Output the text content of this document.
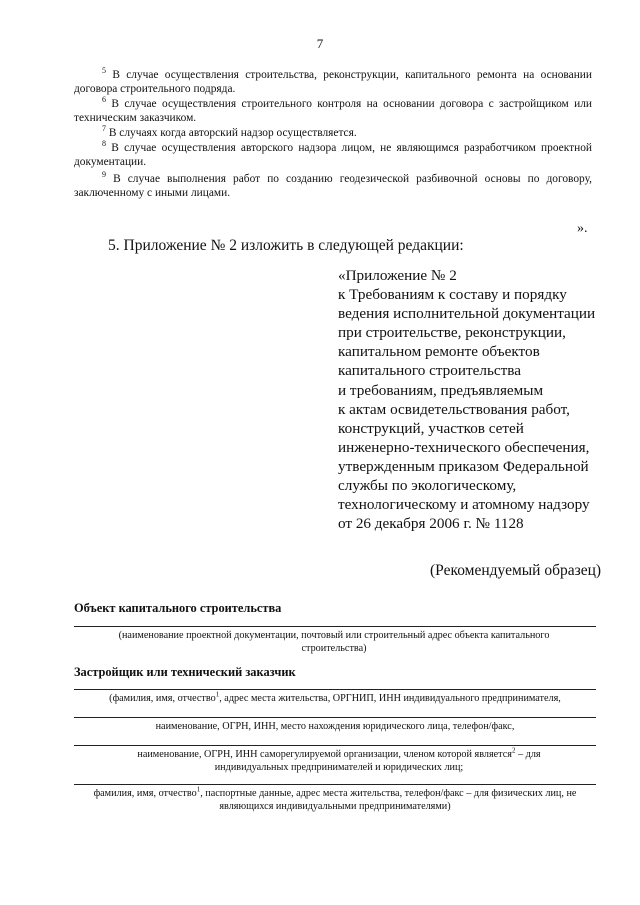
7
$^5$ В случае осуществления строительства, реконструкции, капитального ремонта на основании договора строительного подряда.
$^6$ В случае осуществления строительного контроля на основании договора с застройщиком или техническим заказчиком.
$^7$ В случаях когда авторский надзор осуществляется.
$^8$ В случае осуществления авторского надзора лицом, не являющимся разработчиком проектной документации.
$^9$ В случае выполнения работ по созданию геодезической разбивочной основы по договору, заключенному с иными лицами.
».
5. Приложение № 2 изложить в следующей редакции:
«Приложение № 2
к Требованиям к составу и порядку
ведения исполнительной документации
при строительстве, реконструкции,
капитальном ремонте объектов
капитального строительства
и требованиям, предъявляемым
к актам освидетельствования работ,
конструкций, участков сетей
инженерно-технического обеспечения,
утвержденным приказом Федеральной
службы по экологическому,
технологическому и атомному надзору
от 26 декабря 2006 г. № 1128
(Рекомендуемый образец)
Объект капитального строительства
(наименование проектной документации, почтовый или строительный адрес объекта капитального строительства)
Застройщик или технический заказчик
(фамилия, имя, отчество$^1$, адрес места жительства, ОРГНИП, ИНН индивидуального предпринимателя,
наименование, ОГРН, ИНН, место нахождения юридического лица, телефон/факс,
наименование, ОГРН, ИНН саморегулируемой организации, членом которой является$^2$ – для индивидуальных предпринимателей и юридических лиц;
фамилия, имя, отчество$^1$, паспортные данные, адрес места жительства, телефон/факс – для физических лиц, не являющихся индивидуальными предпринимателями)
